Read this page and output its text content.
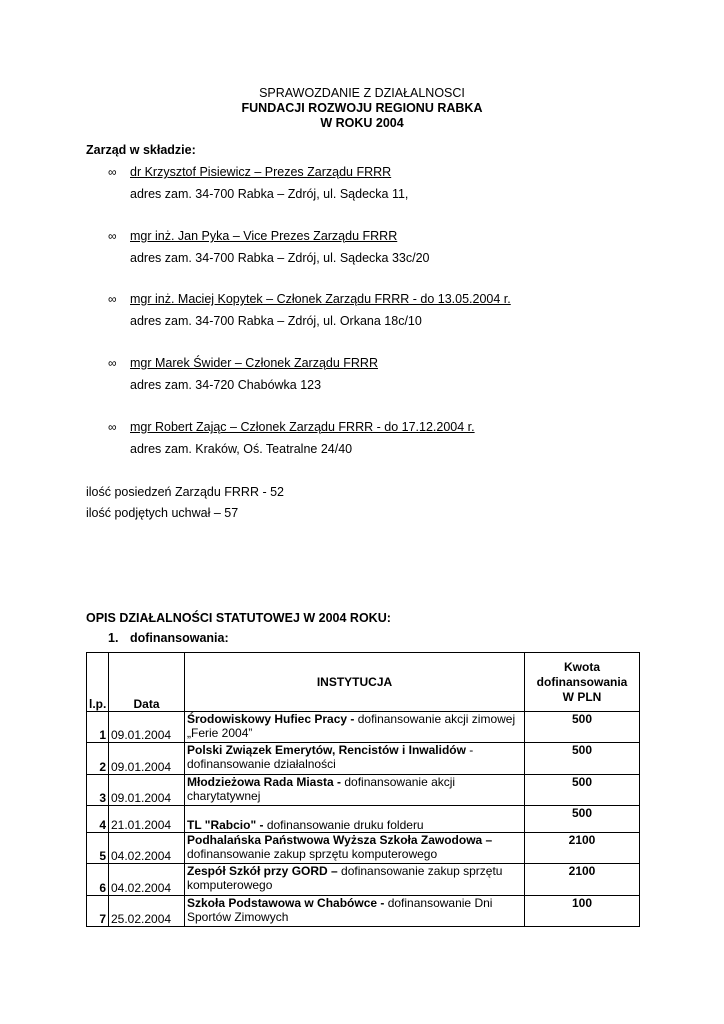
SPRAWOZDANIE Z DZIAŁALNOSCI
FUNDACJI ROZWOJU REGIONU RABKA
W ROKU 2004
Zarząd w składzie:
∞ dr Krzysztof Pisiewicz – Prezes Zarządu FRRR
adres zam. 34-700 Rabka – Zdrój, ul. Sądecka 11,
∞ mgr inż. Jan Pyka – Vice Prezes Zarządu FRRR
adres zam. 34-700 Rabka – Zdrój, ul. Sądecka 33c/20
∞ mgr inż. Maciej Kopytek – Członek Zarządu FRRR - do 13.05.2004 r.
adres zam. 34-700 Rabka – Zdrój, ul. Orkana 18c/10
∞ mgr Marek Świder – Członek Zarządu FRRR
adres zam. 34-720 Chabówka 123
∞ mgr Robert Zając – Członek Zarządu FRRR - do 17.12.2004 r.
adres zam. Kraków, Oś. Teatralne 24/40
ilość posiedzeń Zarządu FRRR - 52
ilość podjętych uchwał – 57
OPIS DZIAŁALNOŚCI STATUTOWEJ W 2004 ROKU:
1. dofinansowania:
l.p.	Data	INSTYTUCJA	Kwota
dofinansowania
W PLN

1	09.01.2004	Środowiskowy Hufiec Pracy - dofinansowanie akcji zimowej „Ferie 2004”	500
2	09.01.2004	Polski Związek Emerytów, Rencistów i Inwalidów - dofinansowanie działalności	500
3	09.01.2004	Młodzieżowa Rada Miasta - dofinansowanie akcji charytatywnej	500
4	21.01.2004	TL "Rabcio" - dofinansowanie druku folderu	500
5	04.02.2004	Podhalańska Państwowa Wyższa Szkoła Zawodowa – dofinansowanie zakup sprzętu komputerowego	2100
6	04.02.2004	Zespół Szkół przy GORD – dofinansowanie zakup sprzętu komputerowego	2100
7	25.02.2004	Szkoła Podstawowa w Chabówce - dofinansowanie Dni Sportów Zimowych	100
